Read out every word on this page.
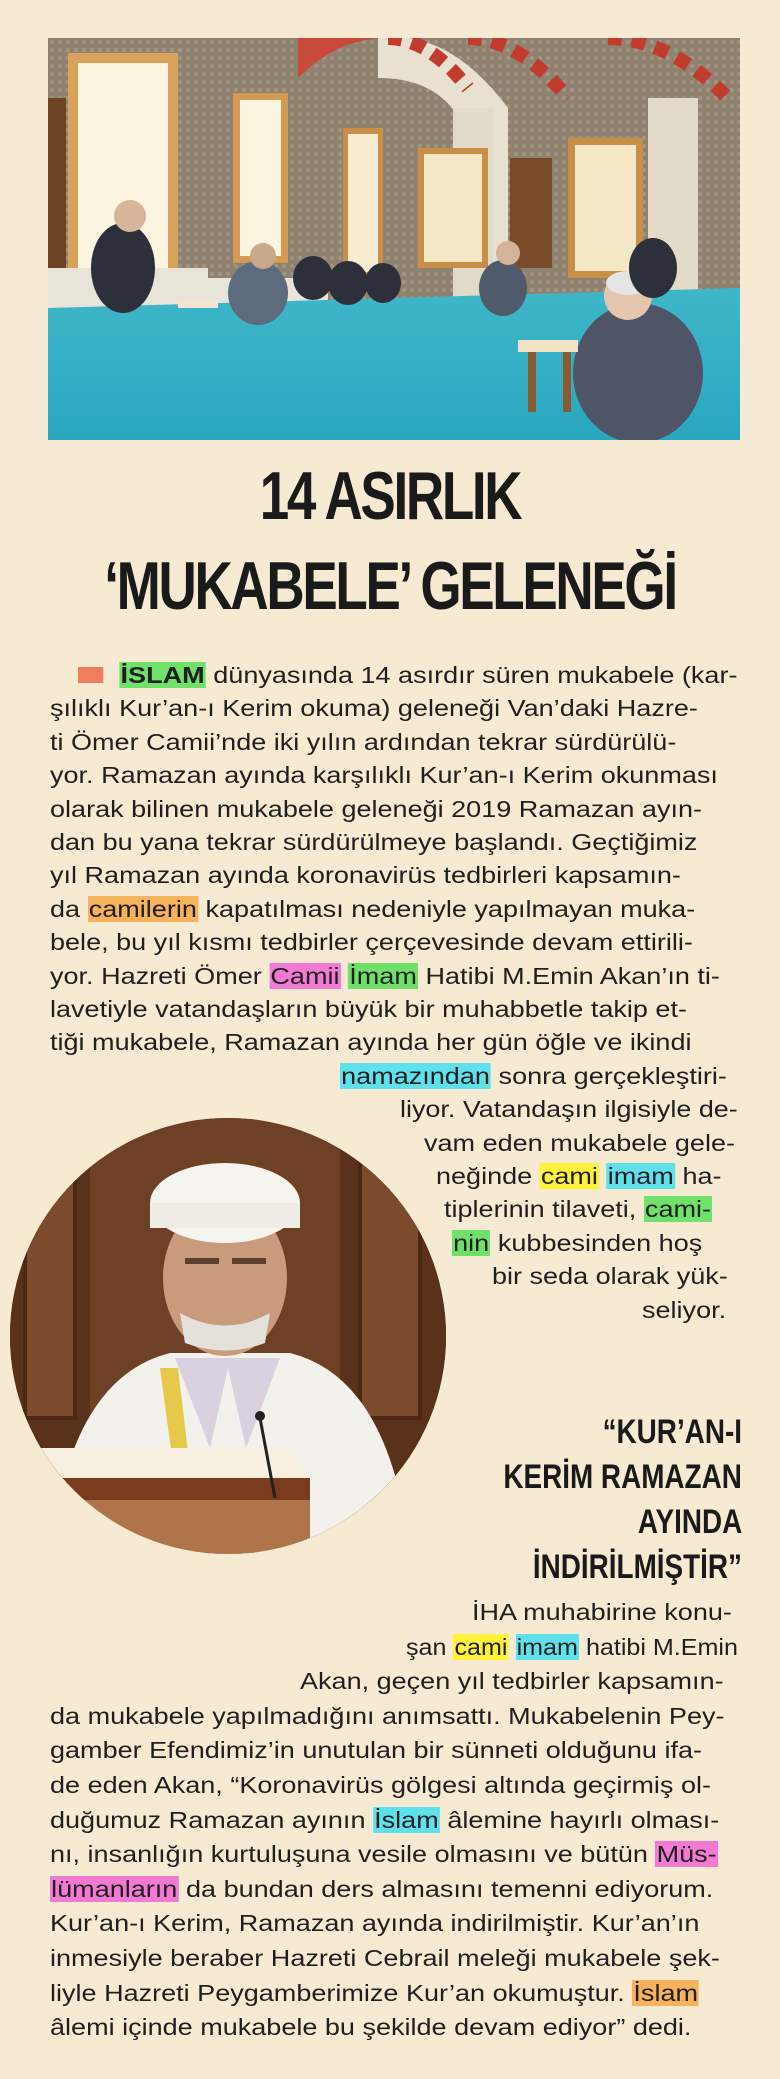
14 ASIRLIK
‘MUKABELE’ GELENEĞİ
İSLAM dünyasında 14 asırdır süren mukabele (kar-
şılıklı Kur’an-ı Kerim okuma) geleneği Van’daki Hazre-
ti Ömer Camii’nde iki yılın ardından tekrar sürdürülü-
yor. Ramazan ayında karşılıklı Kur’an-ı Kerim okunması
olarak bilinen mukabele geleneği 2019 Ramazan ayın-
dan bu yana tekrar sürdürülmeye başlandı. Geçtiğimiz
yıl Ramazan ayında koronavirüs tedbirleri kapsamın-
da camilerin kapatılması nedeniyle yapılmayan muka-
bele, bu yıl kısmı tedbirler çerçevesinde devam ettirili-
yor. Hazreti Ömer Camii İmam Hatibi M.Emin Akan’ın ti-
lavetiyle vatandaşların büyük bir muhabbetle takip et-
tiği mukabele, Ramazan ayında her gün öğle ve ikindi
namazından sonra gerçekleştiri-
liyor. Vatandaşın ilgisiyle de-
vam eden mukabele gele-
neğinde cami imam ha-
tiplerinin tilaveti, cami-
nin kubbesinden hoş
bir seda olarak yük-
seliyor.
“KUR’AN-I
KERİM RAMAZAN
AYINDA
İNDİRİLMİŞTİR”
İHA muhabirine konu-
şan cami imam hatibi M.Emin
Akan, geçen yıl tedbirler kapsamın-
da mukabele yapılmadığını anımsattı. Mukabelenin Pey-
gamber Efendimiz’in unutulan bir sünneti olduğunu ifa-
de eden Akan, “Koronavirüs gölgesi altında geçirmiş ol-
duğumuz Ramazan ayının İslam âlemine hayırlı olması-
nı, insanlığın kurtuluşuna vesile olmasını ve bütün Müs-
lümanların da bundan ders almasını temenni ediyorum.
Kur’an-ı Kerim, Ramazan ayında indirilmiştir. Kur’an’ın
inmesiyle beraber Hazreti Cebrail meleği mukabele şek-
liyle Hazreti Peygamberimize Kur’an okumuştur. İslam
âlemi içinde mukabele bu şekilde devam ediyor” dedi.
